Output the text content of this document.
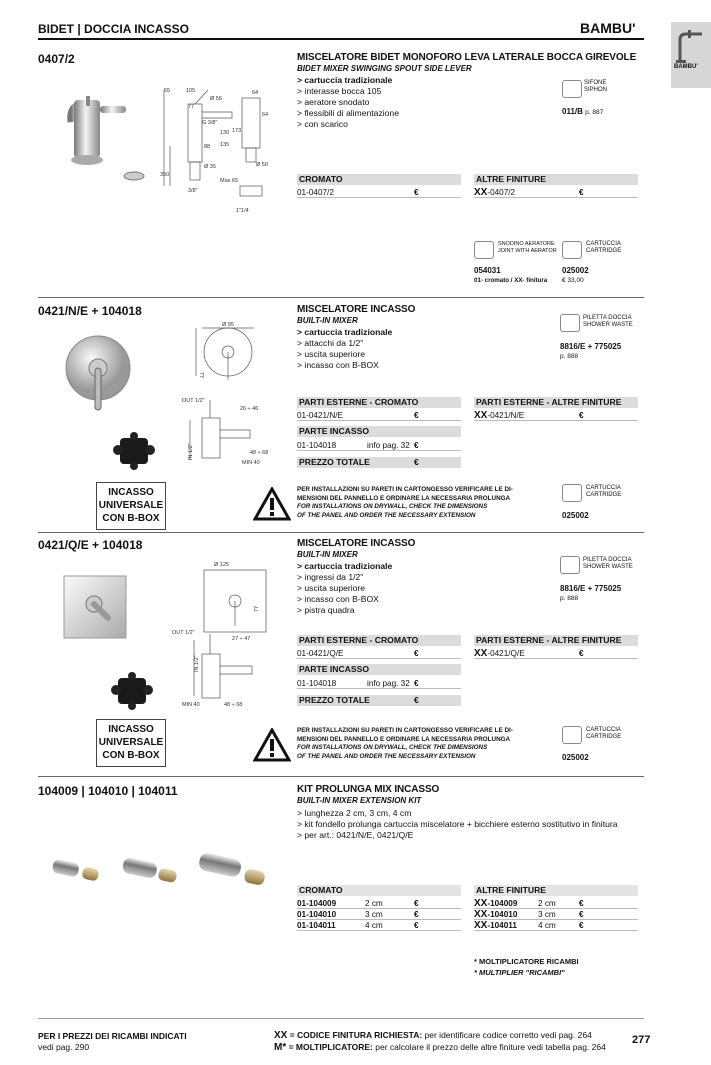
BIDET | DOCCIA INCASSO	BAMBU'
BAMBU'
0407/2	MISCELATORE BIDET MONOFORO LEVA LATERALE BOCCA GIREVOLE
BIDET MIXER SWINGING SPOUT SIDE LEVER
> cartuccia tradizionale
> interasse bocca 105
> aeratore snodato
> flessibili di alimentazione
> con scarico
55	105	64
77
Ø 56
G 3/8"
135
64
173
130
88
Ø 50
Ø 35
Max 65
350
3/8"
1"1/4
SIFONE
SIPHON
011/B p. 887
CROMATO	ALTRE FINITURE
01-0407/2	€	XX-0407/2	€
SNODINO AERATORE
JOINT WITH AERATOR
054031
01- cromato / XX- finitura
CARTUCCIA
CARTRIDGE
025002
€ 33,00
0421/N/E + 104018	MISCELATORE INCASSO
BUILT-IN MIXER
> cartuccia tradizionale
> attacchi da 1/2"
> uscita superiore
> incasso con B-BOX
Ø 95
77
OUT 1/2"
26 ÷ 46
IN 1/2"	48 ÷ 68
MIN 40
PILETTA DOCCIA
SHOWER WASTE
8816/E + 775025
p. 888
PARTI ESTERNE - CROMATO	PARTI ESTERNE - ALTRE FINITURE
01-0421/N/E	€	XX-0421/N/E	€
PARTE INCASSO
01-104018	info pag. 32 €
PREZZO TOTALE	€
INCASSO
UNIVERSALE
CON B-BOX
PER INSTALLAZIONI SU PARETI IN CARTONGESSO VERIFICARE LE DI-
MENSIONI DEL PANNELLO E ORDINARE LA NECESSARIA PROLUNGA
FOR INSTALLATIONS ON DRYWALL, CHECK THE DIMENSIONS
OF THE PANEL AND ORDER THE NECESSARY EXTENSION
CARTUCCIA
CARTRIDGE
025002
0421/Q/E + 104018	MISCELATORE INCASSO
BUILT-IN MIXER
> cartuccia tradizionale
> ingressi da 1/2"
> uscita superiore
> incasso con B-BOX
> pistra quadra
Ø 125
77
OUT 1/2"
27 ÷ 47
IN 1/2"
MIN 40	48 ÷ 68
PILETTA DOCCIA
SHOWER WASTE
8816/E + 775025
p. 888
PARTI ESTERNE - CROMATO	PARTI ESTERNE - ALTRE FINITURE
01-0421/Q/E	€	XX-0421/Q/E	€
PARTE INCASSO
01-104018	info pag. 32 €
PREZZO TOTALE	€
INCASSO
UNIVERSALE
CON B-BOX
PER INSTALLAZIONI SU PARETI IN CARTONGESSO VERIFICARE LE DI-
MENSIONI DEL PANNELLO E ORDINARE LA NECESSARIA PROLUNGA
FOR INSTALLATIONS ON DRYWALL, CHECK THE DIMENSIONS
OF THE PANEL AND ORDER THE NECESSARY EXTENSION
CARTUCCIA
CARTRIDGE
025002
104009 | 104010 | 104011	KIT PROLUNGA MIX INCASSO
BUILT-IN MIXER EXTENSION KIT
> lunghezza 2 cm, 3 cm, 4 cm
> kit fondello prolunga cartuccia miscelatore + bicchiere esterno sostitutivo in finitura
> per art.: 0421/N/E, 0421/Q/E
CROMATO	ALTRE FINITURE
01-104009	2 cm	€
01-104010	3 cm	€
01-104011	4 cm	€
XX-104009	2 cm	€
XX-104010	3 cm	€
XX-104011	4 cm	€
* MOLTIPLICATORE RICAMBI
* MULTIPLIER "RICAMBI"
PER I PREZZI DEI RICAMBI INDICATI
vedi pag. 290
XX = CODICE FINITURA RICHIESTA: per identificare codice corretto vedi pag. 264
M* = MOLTIPLICATORE: per calcolare il prezzo delle altre finiture vedi tabella pag. 264
277
